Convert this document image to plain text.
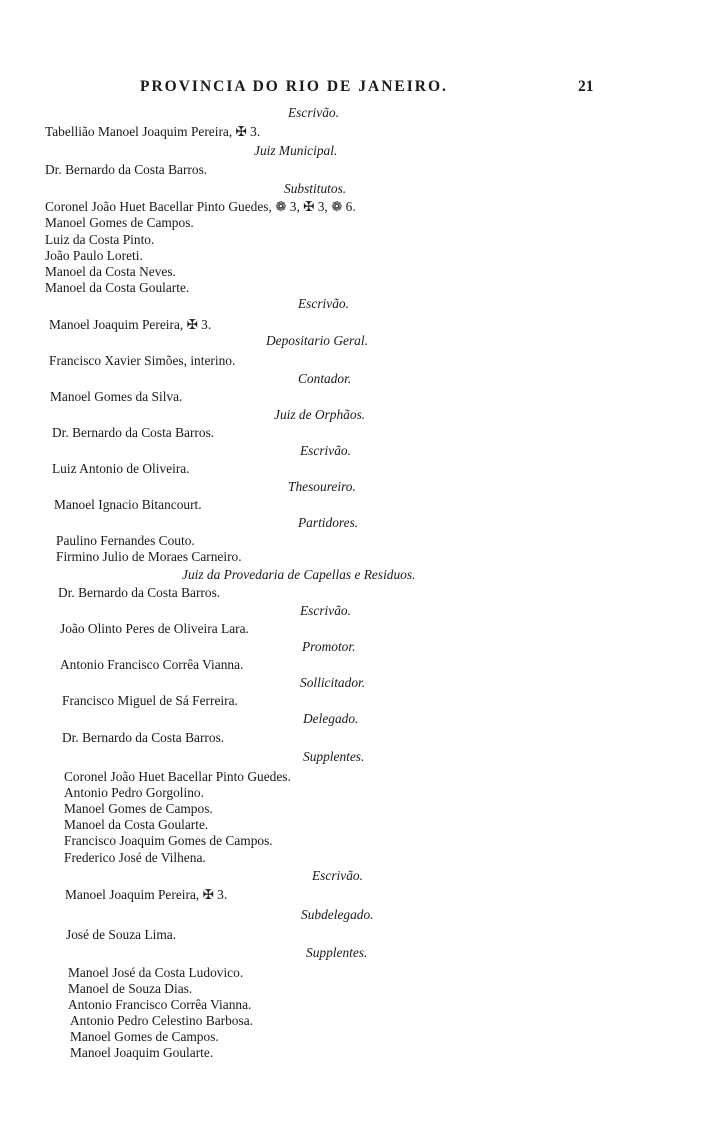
PROVINCIA DO RIO DE JANEIRO.	21
Escrivão.
Tabellião Manoel Joaquim Pereira, ✠ 3.
Juiz Municipal.
Dr. Bernardo da Costa Barros.
Substitutos.
Coronel João Huet Bacellar Pinto Guedes, ❁ 3, ✠ 3, ❁ 6.
Manoel Gomes de Campos.
Luiz da Costa Pinto.
João Paulo Loreti.
Manoel da Costa Neves.
Manoel da Costa Goularte.
Escrivão.
Manoel Joaquim Pereira, ✠ 3.
Depositario Geral.
Francisco Xavier Simões, interino.
Contador.
Manoel Gomes da Silva.
Juiz de Orphãos.
Dr. Bernardo da Costa Barros.
Escrivão.
Luiz Antonio de Oliveira.
Thesoureiro.
Manoel Ignacio Bitancourt.
Partidores.
Paulino Fernandes Couto.
Firmino Julio de Moraes Carneiro.
Juiz da Provedaria de Capellas e Residuos.
Dr. Bernardo da Costa Barros.
Escrivão.
João Olinto Peres de Oliveira Lara.
Promotor.
Antonio Francisco Corrêa Vianna.
Sollicitador.
Francisco Miguel de Sá Ferreira.
Delegado.
Dr. Bernardo da Costa Barros.
Supplentes.
Coronel João Huet Bacellar Pinto Guedes.
Antonio Pedro Gorgolino.
Manoel Gomes de Campos.
Manoel da Costa Goularte.
Francisco Joaquim Gomes de Campos.
Frederico José de Vilhena.
Escrivão.
Manoel Joaquim Pereira, ✠ 3.
Subdelegado.
José de Souza Lima.
Supplentes.
Manoel José da Costa Ludovico.
Manoel de Souza Dias.
Antonio Francisco Corrêa Vianna.
Antonio Pedro Celestino Barbosa.
Manoel Gomes de Campos.
Manoel Joaquim Goularte.
